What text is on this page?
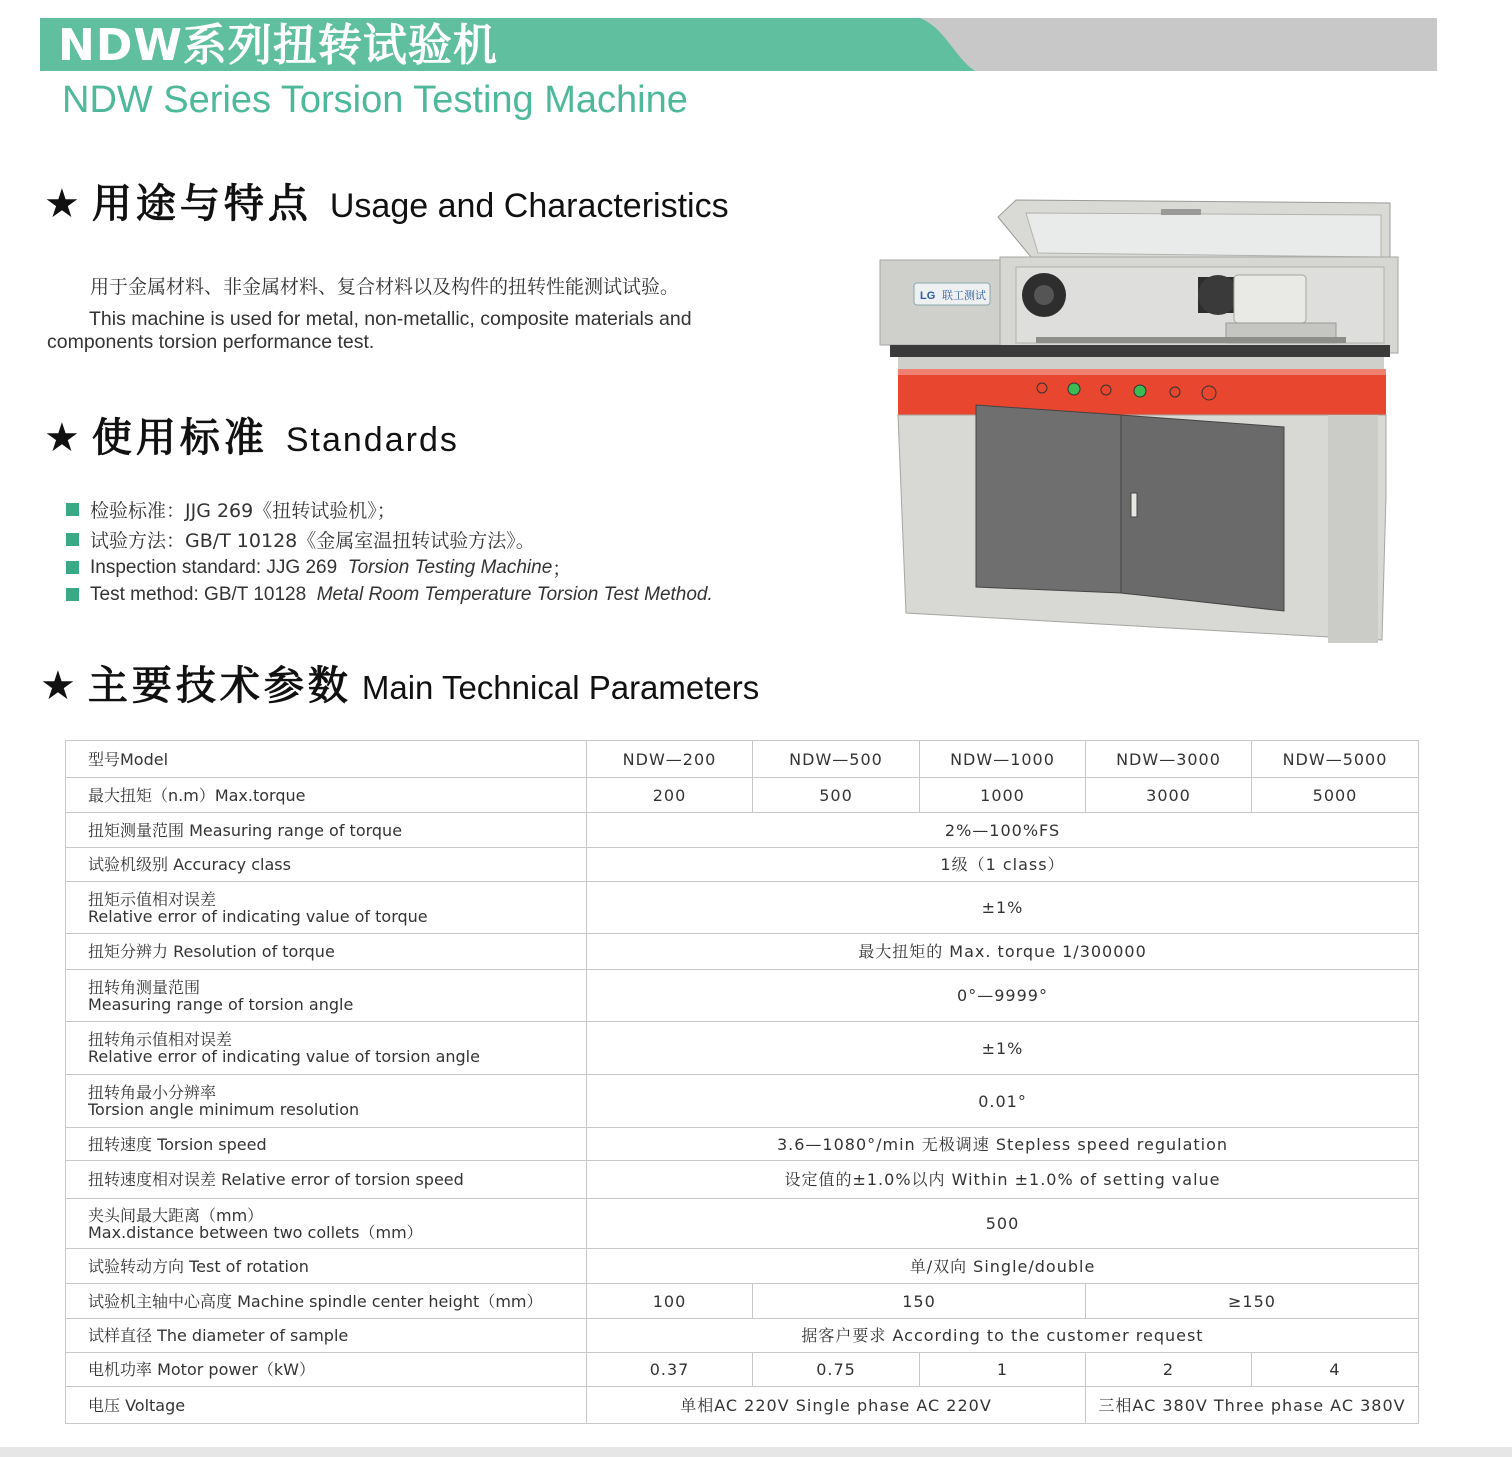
NDW系列扭转试验机
NDW Series Torsion Testing Machine
★ 用途与特点 Usage and Characteristics
用于金属材料、非金属材料、复合材料以及构件的扭转性能测试试验。
This machine is used for metal, non-metallic, composite materials and
components torsion performance test.
★ 使用标准 Standards
检验标准：JJG 269《扭转试验机》；
试验方法：GB/T 10128《金属室温扭转试验方法》。
Inspection standard: JJG 269
Torsion Testing Machine ；
Test method: GB/T 10128
Metal Room Temperature Torsion Test Method.
LG 联工测试
★ 主要技术参数 Main Technical Parameters
型号Model	NDW—200	NDW—500	NDW—1000	NDW—3000	NDW—5000
最大扭矩（n.m）Max.torque	200	500	1000	3000	5000
扭矩测量范围 Measuring range of torque	2%—100%FS				
试验机级别 Accuracy class	1级（1 class）				

扭矩示值相对误差
Relative error of indicating value of torque	±1%				
扭矩分辨力 Resolution of torque	最大扭矩的 Max. torque 1/300000				

扭转角测量范围
Measuring range of torsion angle	0°—9999°				

扭转角示值相对误差
Relative error of indicating value of torsion angle	±1%				

扭转角最小分辨率
Torsion angle minimum resolution	0.01°				
扭转速度 Torsion speed	3.6—1080°/min 无极调速 Stepless speed regulation				
扭转速度相对误差 Relative error of torsion speed	设定值的±1.0%以内 Within ±1.0% of setting value				

夹头间最大距离（mm）
Max.distance between two collets（mm）	500				
试验转动方向 Test of rotation	单/双向 Single/double				
试验机主轴中心高度 Machine spindle center height（mm）	100	150		≥150	
试样直径 The diameter of sample	据客户要求 According to the customer request				
电机功率 Motor power（kW）	0.37	0.75	1	2	4
电压 Voltage	单相AC 220V Single phase AC 220V			三相AC 380V Three phase AC 380V	
